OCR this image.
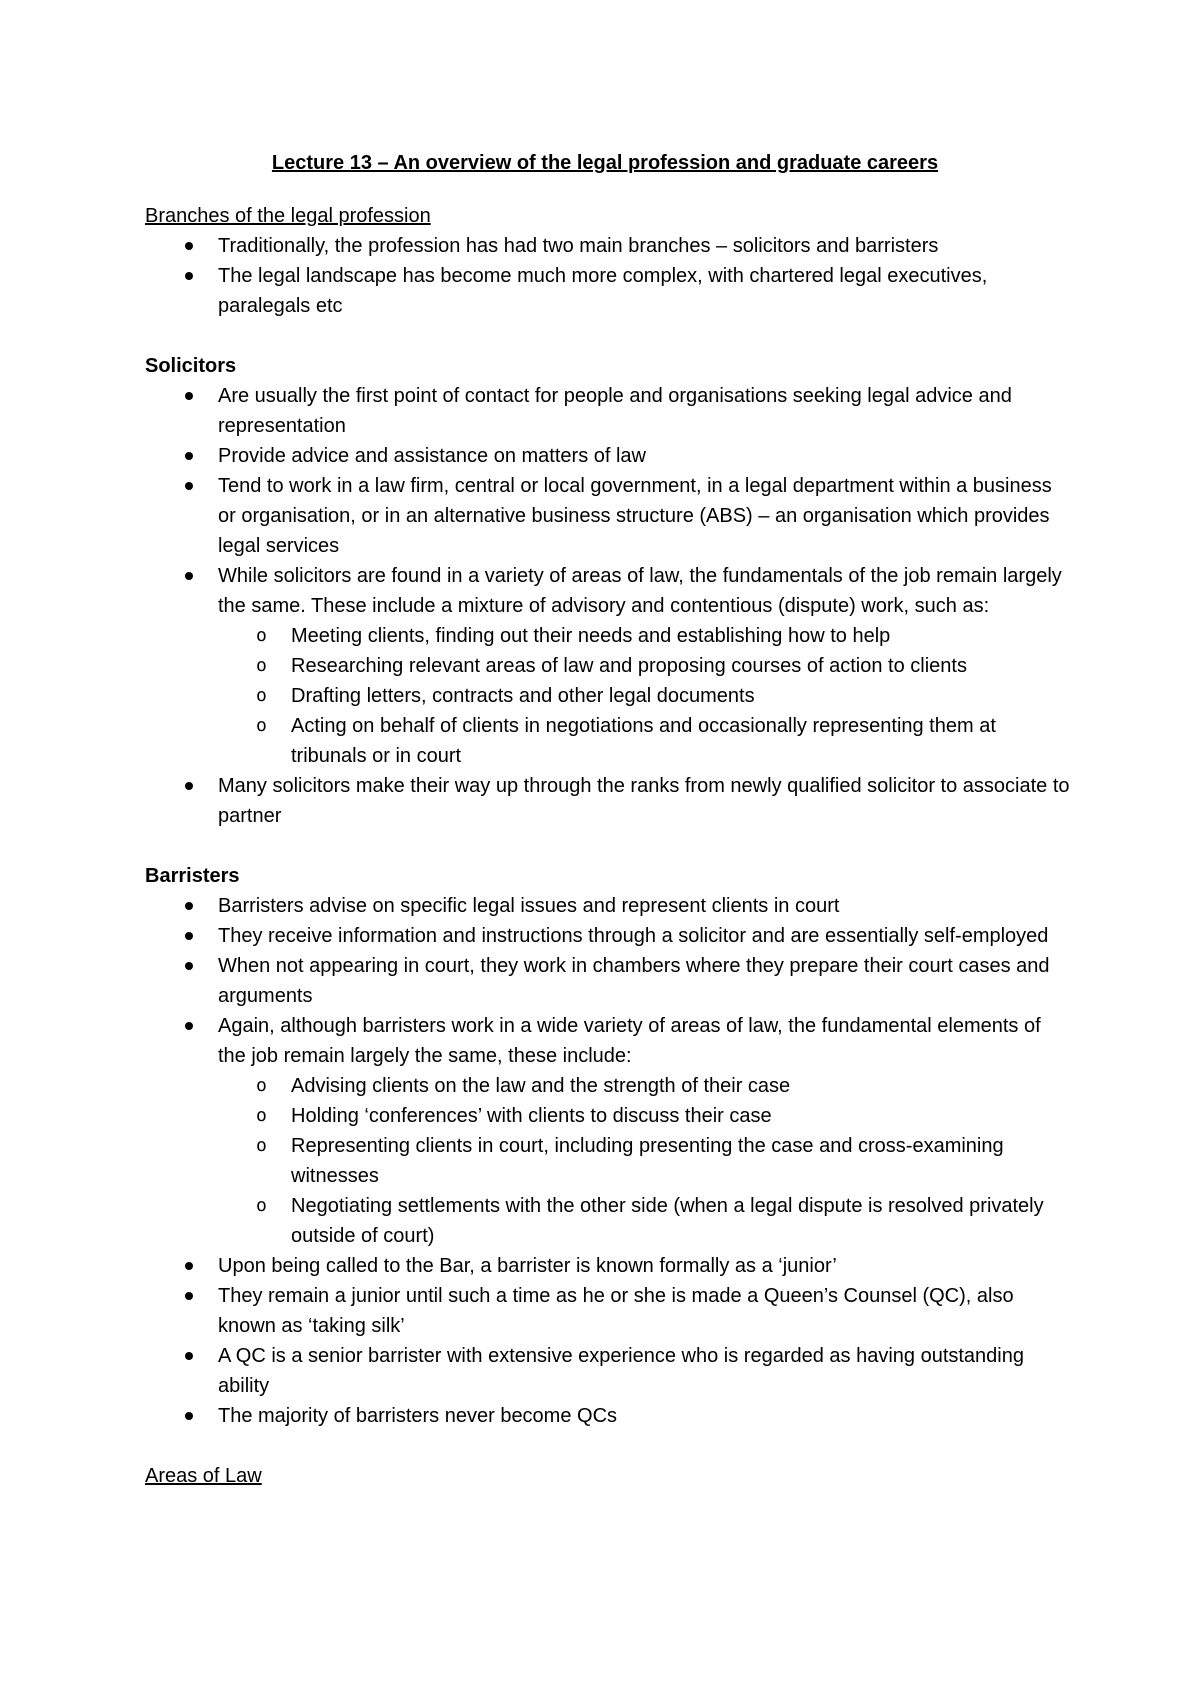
Lecture 13 – An overview of the legal profession and graduate careers

Branches of the legal profession

Traditionally, the profession has had two main branches – solicitors and barristers
The legal landscape has become much more complex, with chartered legal executives, paralegals etc

Solicitors

Are usually the first point of contact for people and organisations seeking legal advice and representation
Provide advice and assistance on matters of law
Tend to work in a law firm, central or local government, in a legal department within a business or organisation, or in an alternative business structure (ABS) – an organisation which provides legal services
While solicitors are found in a variety of areas of law, the fundamentals of the job remain largely the same. These include a mixture of advisory and contentious (dispute) work, such as:
o Meeting clients, finding out their needs and establishing how to help
o Researching relevant areas of law and proposing courses of action to clients
o Drafting letters, contracts and other legal documents
o Acting on behalf of clients in negotiations and occasionally representing them at tribunals or in court
Many solicitors make their way up through the ranks from newly qualified solicitor to associate to partner

Barristers

Barristers advise on specific legal issues and represent clients in court
They receive information and instructions through a solicitor and are essentially self-employed
When not appearing in court, they work in chambers where they prepare their court cases and arguments
Again, although barristers work in a wide variety of areas of law, the fundamental elements of the job remain largely the same, these include:
o Advising clients on the law and the strength of their case
o Holding ‘conferences’ with clients to discuss their case
o Representing clients in court, including presenting the case and cross-examining witnesses
o Negotiating settlements with the other side (when a legal dispute is resolved privately outside of court)
Upon being called to the Bar, a barrister is known formally as a ‘junior’
They remain a junior until such a time as he or she is made a Queen’s Counsel (QC), also known as ‘taking silk’
A QC is a senior barrister with extensive experience who is regarded as having outstanding ability
The majority of barristers never become QCs

Areas of Law
